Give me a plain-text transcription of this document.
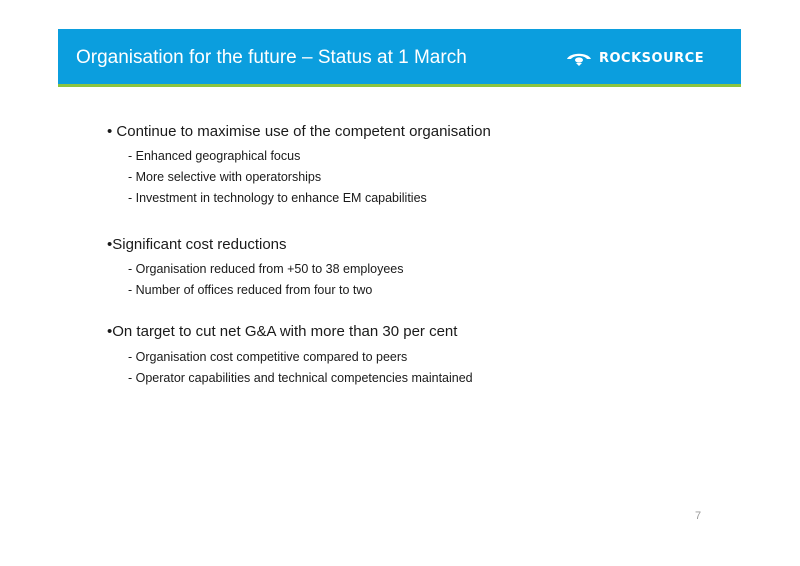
Organisation for the future – Status at 1 March	ROCKSOURCE
• Continue to maximise use of the competent organisation
- Enhanced geographical focus
- More selective with operatorships
- Investment in technology to enhance EM capabilities
•Significant cost reductions
- Organisation reduced from +50 to 38 employees
- Number of offices reduced from four to two
•On target to cut net G&A with more than 30 per cent
- Organisation cost competitive compared to peers
- Operator capabilities and technical competencies maintained
7
